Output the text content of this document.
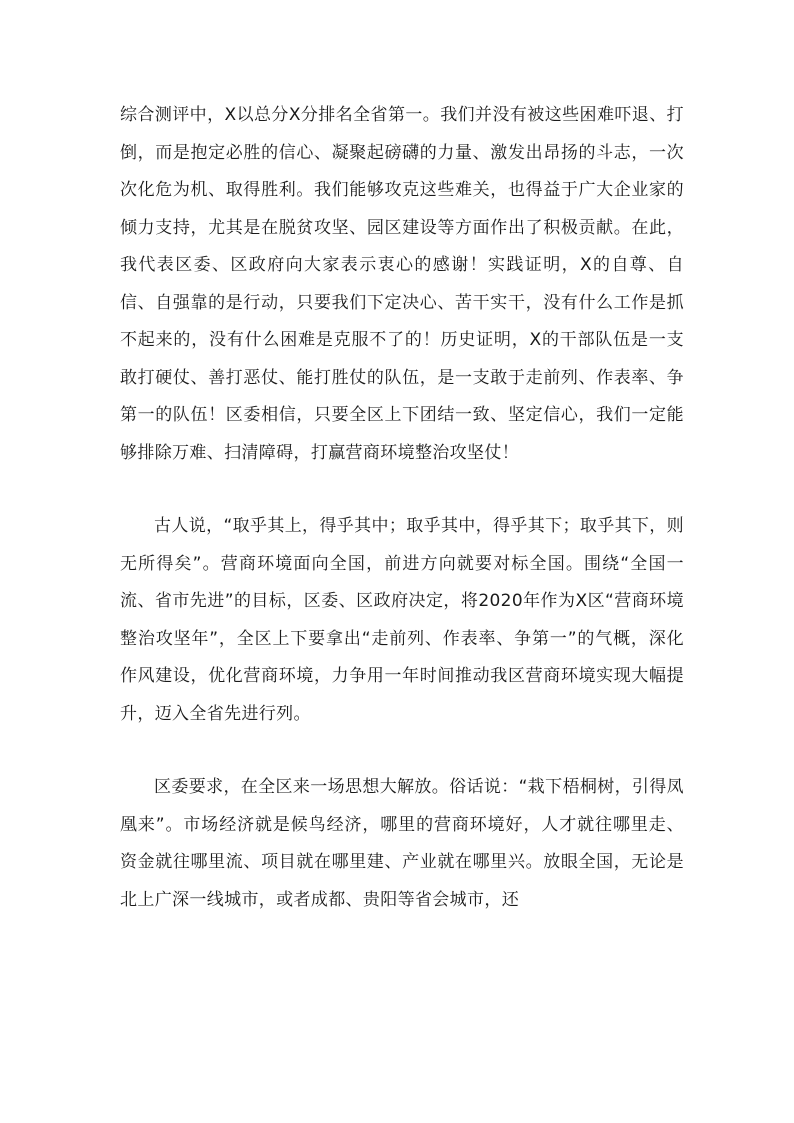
综合测评中，X以总分X分排名全省第一。我们并没有被这些困难吓退、打倒，而是抱定必胜的信心、凝聚起磅礴的力量、激发出昂扬的斗志，一次次化危为机、取得胜利。我们能够攻克这些难关，也得益于广大企业家的倾力支持，尤其是在脱贫攻坚、园区建设等方面作出了积极贡献。在此，我代表区委、区政府向大家表示衷心的感谢！实践证明，X的自尊、自信、自强靠的是行动，只要我们下定决心、苦干实干，没有什么工作是抓不起来的，没有什么困难是克服不了的！历史证明，X的干部队伍是一支敢打硬仗、善打恶仗、能打胜仗的队伍，是一支敢于走前列、作表率、争第一的队伍！区委相信，只要全区上下团结一致、坚定信心，我们一定能够排除万难、扫清障碍，打赢营商环境整治攻坚仗！

古人说，“取乎其上，得乎其中；取乎其中，得乎其下；取乎其下，则无所得矣”。营商环境面向全国，前进方向就要对标全国。围绕“全国一流、省市先进”的目标，区委、区政府决定，将2020年作为X区“营商环境整治攻坚年”，全区上下要拿出“走前列、作表率、争第一”的气概，深化作风建设，优化营商环境，力争用一年时间推动我区营商环境实现大幅提升，迈入全省先进行列。

区委要求，在全区来一场思想大解放。俗话说：“栽下梧桐树，引得凤凰来”。市场经济就是候鸟经济，哪里的营商环境好，人才就往哪里走、资金就往哪里流、项目就在哪里建、产业就在哪里兴。放眼全国，无论是北上广深一线城市，或者成都、贵阳等省会城市，还
